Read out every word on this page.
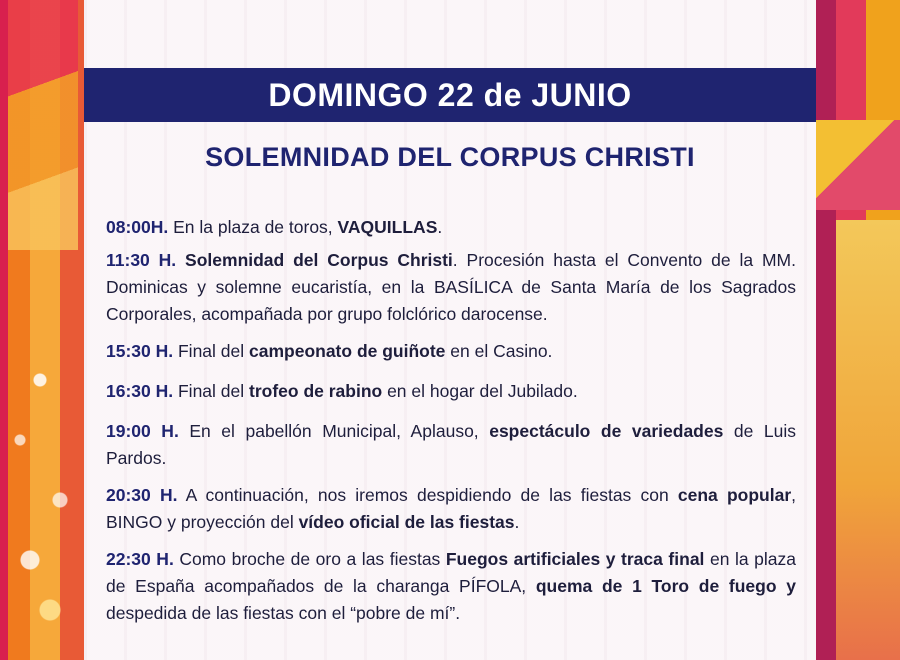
DOMINGO 22 de JUNIO
SOLEMNIDAD DEL CORPUS CHRISTI
08:00H. En la plaza de toros, VAQUILLAS.
11:30 H. Solemnidad del Corpus Christi. Procesión hasta el Convento de la MM. Dominicas y solemne eucaristía, en la BASÍLICA de Santa María de los Sagrados Corporales, acompañada por grupo folclórico darocense.
15:30 H. Final del campeonato de guiñote en el Casino.
16:30 H. Final del trofeo de rabino en el hogar del Jubilado.
19:00 H. En el pabellón Municipal, Aplauso, espectáculo de variedades de Luis Pardos.
20:30 H. A continuación, nos iremos despidiendo de las fiestas con cena popular, BINGO y proyección del vídeo oficial de las fiestas.
22:30 H. Como broche de oro a las fiestas Fuegos artificiales y traca final en la plaza de España acompañados de la charanga PÍFOLA, quema de 1 Toro de fuego y despedida de las fiestas con el “pobre de mí”.
